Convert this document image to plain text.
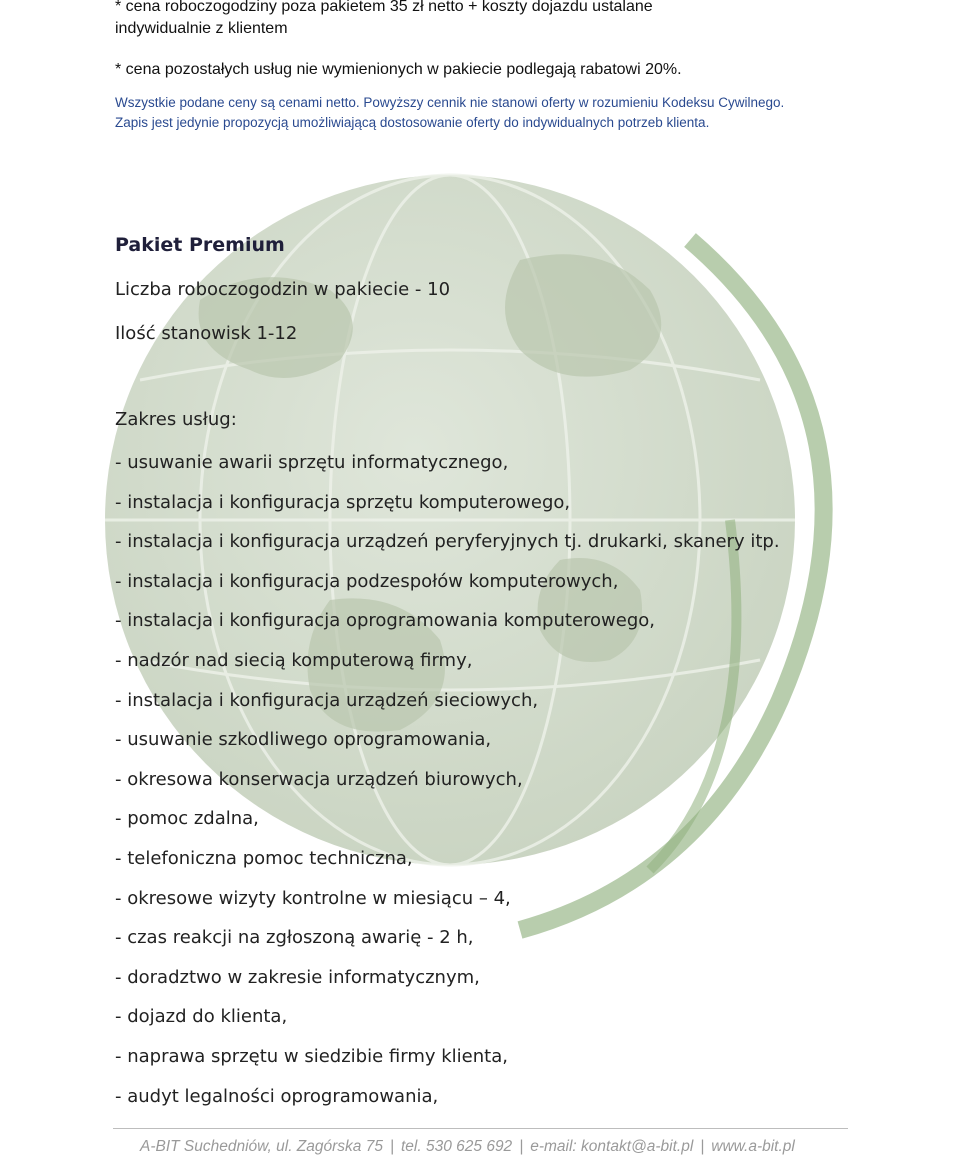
* cena roboczogodziny poza pakietem 35 zł netto + koszty dojazdu ustalane
indywidualnie z klientem
* cena pozostałych usług nie wymienionych w pakiecie podlegają rabatowi 20%.
Wszystkie podane ceny są cenami netto. Powyższy cennik nie stanowi oferty w rozumieniu Kodeksu Cywilnego.
Zapis jest jedynie propozycją umożliwiającą dostosowanie oferty do indywidualnych potrzeb klienta.
Pakiet Premium
Liczba roboczogodzin w pakiecie - 10
Ilość stanowisk 1-12
Zakres usług:
- usuwanie awarii sprzętu informatycznego,
- instalacja i konfiguracja sprzętu komputerowego,
- instalacja i konfiguracja urządzeń peryferyjnych tj. drukarki, skanery itp.
- instalacja i konfiguracja podzespołów komputerowych,
- instalacja i konfiguracja oprogramowania komputerowego,
- nadzór nad siecią komputerową firmy,
- instalacja i konfiguracja urządzeń sieciowych,
- usuwanie szkodliwego oprogramowania,
- okresowa konserwacja urządzeń biurowych,
- pomoc zdalna,
- telefoniczna pomoc techniczna,
- okresowe wizyty kontrolne w miesiącu – 4,
- czas reakcji na zgłoszoną awarię - 2 h,
- doradztwo w zakresie informatycznym,
- dojazd do klienta,
- naprawa sprzętu w siedzibie firmy klienta,
- audyt legalności oprogramowania,
A-BIT Suchedniów, ul. Zagórska 75 | tel. 530 625 692 | e-mail: kontakt@a-bit.pl | www.a-bit.pl
